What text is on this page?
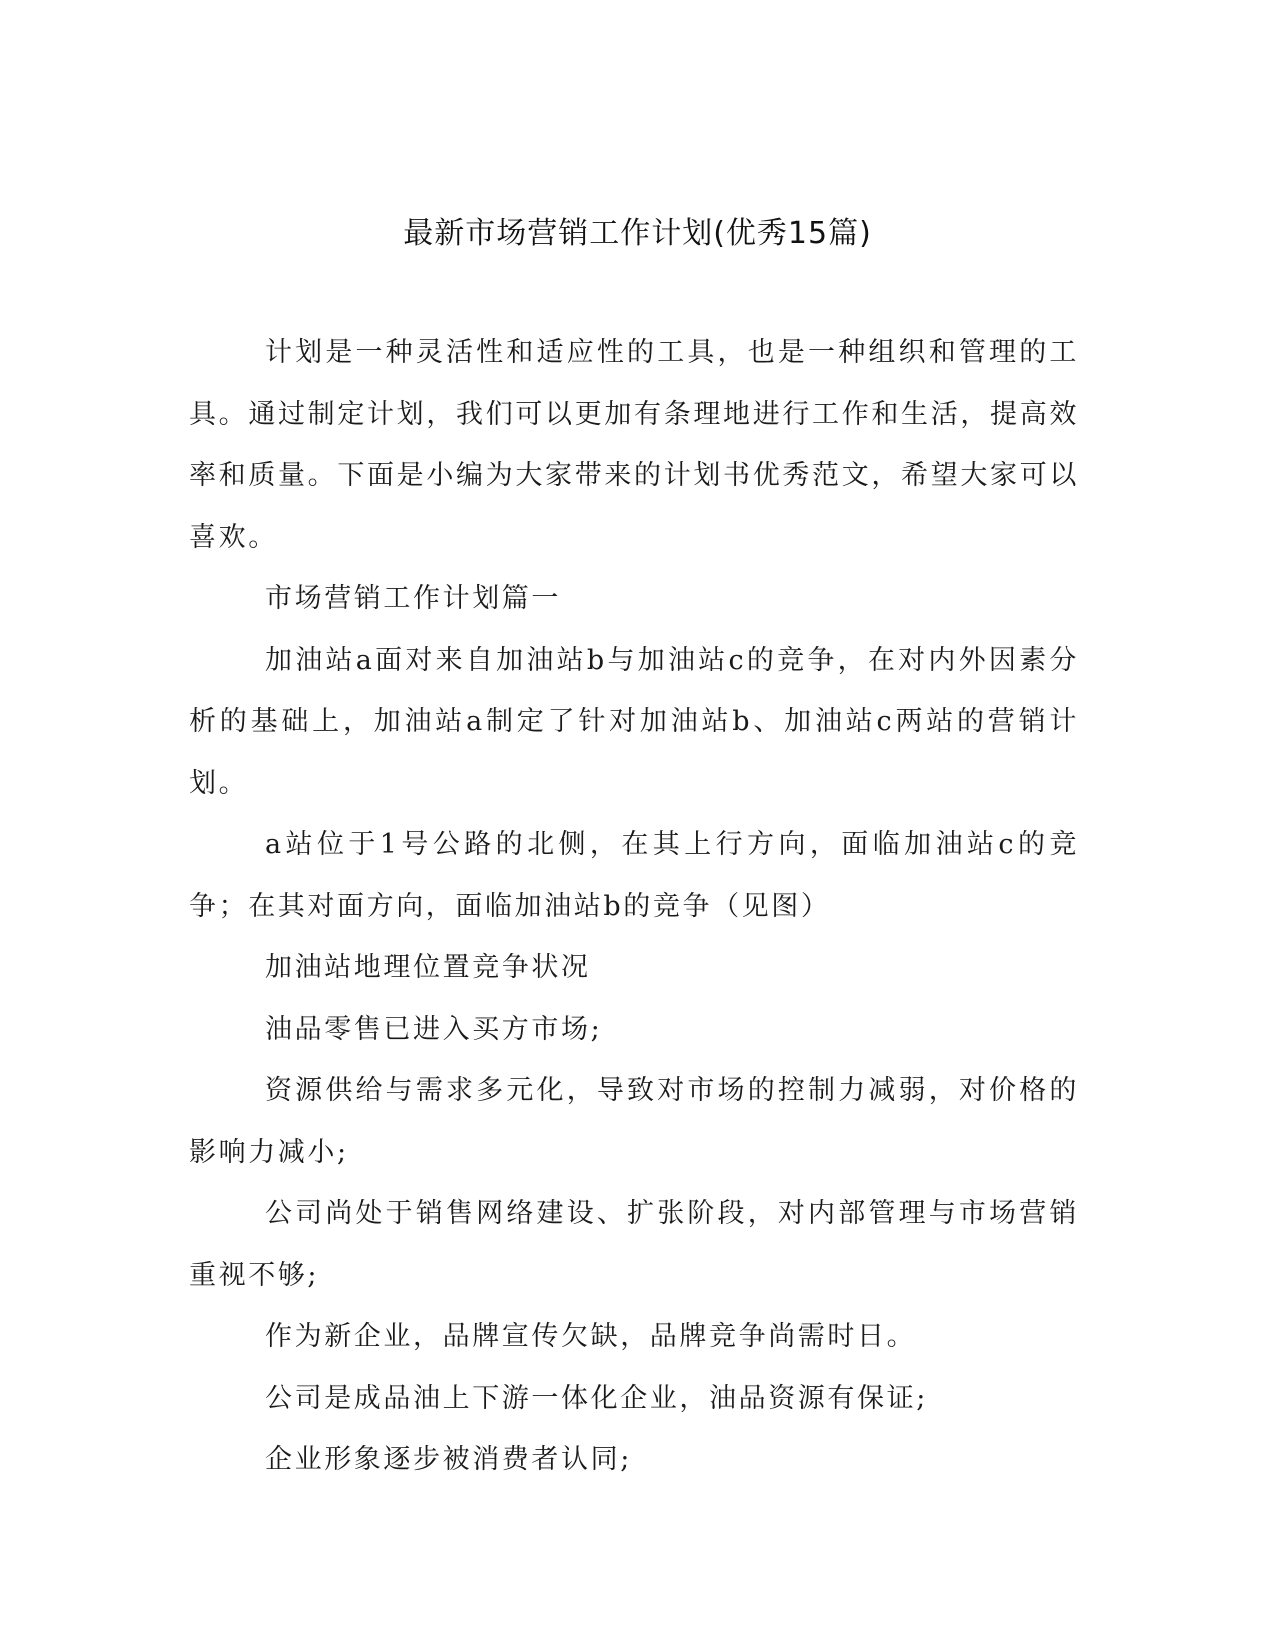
最新市场营销工作计划(优秀15篇)

计划是一种灵活性和适应性的工具，也是一种组织和管理的工具。通过制定计划，我们可以更加有条理地进行工作和生活，提高效率和质量。下面是小编为大家带来的计划书优秀范文，希望大家可以喜欢。

市场营销工作计划篇一

加油站a面对来自加油站b与加油站c的竞争，在对内外因素分析的基础上，加油站a制定了针对加油站b、加油站c两站的营销计划。

a站位于1号公路的北侧，在其上行方向，面临加油站c的竞争；在其对面方向，面临加油站b的竞争（见图）

加油站地理位置竞争状况

油品零售已进入买方市场;

资源供给与需求多元化，导致对市场的控制力减弱，对价格的影响力减小;

公司尚处于销售网络建设、扩张阶段，对内部管理与市场营销重视不够;

作为新企业，品牌宣传欠缺，品牌竞争尚需时日。

公司是成品油上下游一体化企业，油品资源有保证;

企业形象逐步被消费者认同;
